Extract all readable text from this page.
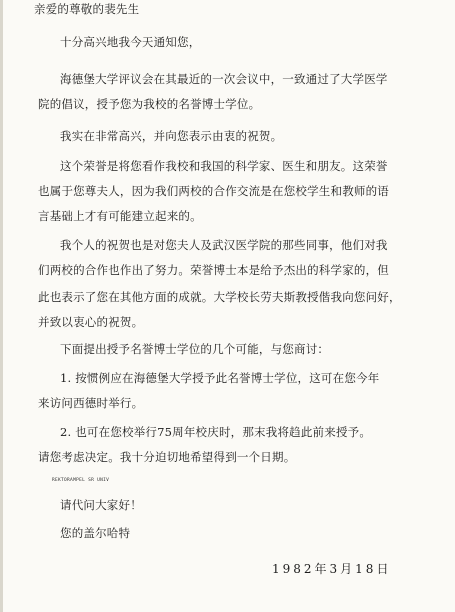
亲爱的尊敬的裴先生
十分高兴地我今天通知您，
海德堡大学评议会在其最近的一次会议中，一致通过了大学医学
院的倡议，授予您为我校的名誉博士学位。
我实在非常高兴，并向您表示由衷的祝贺。
这个荣誉是将您看作我校和我国的科学家、医生和朋友。这荣誉
也属于您尊夫人，因为我们两校的合作交流是在您校学生和教师的语
言基础上才有可能建立起来的。
我个人的祝贺也是对您夫人及武汉医学院的那些同事，他们对我
们两校的合作也作出了努力。荣誉博士本是给予杰出的科学家的，但
此也表示了您在其他方面的成就。大学校长劳夫斯教授偕我向您问好，
并致以衷心的祝贺。
下面提出授予名誉博士学位的几个可能，与您商讨：
1. 按惯例应在海德堡大学授予此名誉博士学位，这可在您今年
来访问西德时举行。
2. 也可在您校举行75周年校庆时，那末我将趋此前来授予。
请您考虑决定。我十分迫切地希望得到一个日期。
REKTORAMPEL SR UNIV
请代问大家好！
您的盖尔哈特
1982年3月18日
